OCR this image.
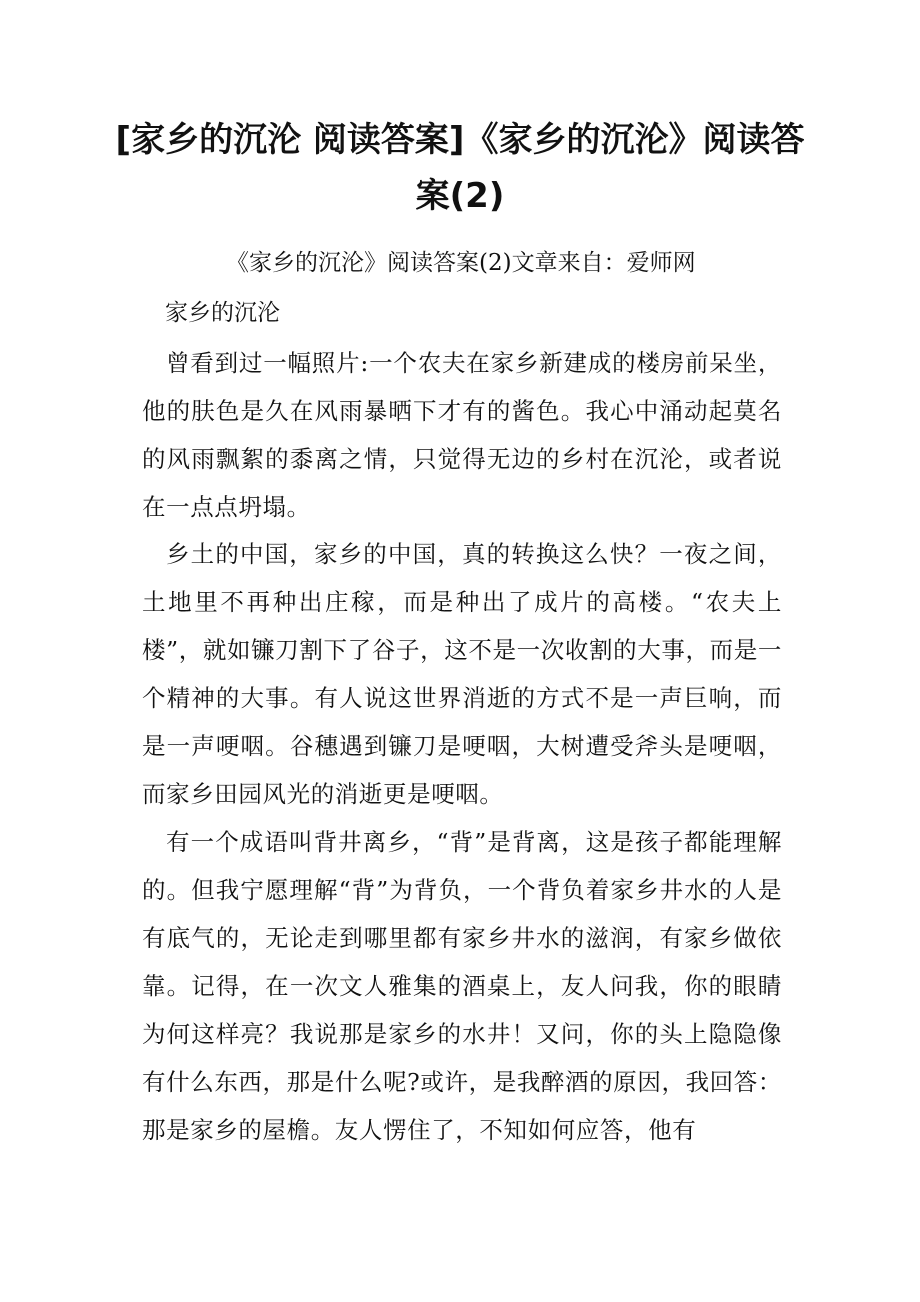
[家乡的沉沦 阅读答案]《家乡的沉沦》阅读答案(2)

《家乡的沉沦》阅读答案(2)文章来自：爱师网

家乡的沉沦

曾看到过一幅照片:一个农夫在家乡新建成的楼房前呆坐，他的肤色是久在风雨暴晒下才有的酱色。我心中涌动起莫名的风雨飘絮的黍离之情，只觉得无边的乡村在沉沦，或者说在一点点坍塌。

乡土的中国，家乡的中国，真的转换这么快？一夜之间，土地里不再种出庄稼，而是种出了成片的高楼。“农夫上楼”，就如镰刀割下了谷子，这不是一次收割的大事，而是一个精神的大事。有人说这世界消逝的方式不是一声巨响，而是一声哽咽。谷穗遇到镰刀是哽咽，大树遭受斧头是哽咽，而家乡田园风光的消逝更是哽咽。

有一个成语叫背井离乡，“背”是背离，这是孩子都能理解的。但我宁愿理解“背”为背负，一个背负着家乡井水的人是有底气的，无论走到哪里都有家乡井水的滋润，有家乡做依靠。记得，在一次文人雅集的酒桌上，友人问我，你的眼睛为何这样亮？我说那是家乡的水井！又问，你的头上隐隐像有什么东西，那是什么呢?或许，是我醉酒的原因，我回答：那是家乡的屋檐。友人愣住了，不知如何应答，他有
